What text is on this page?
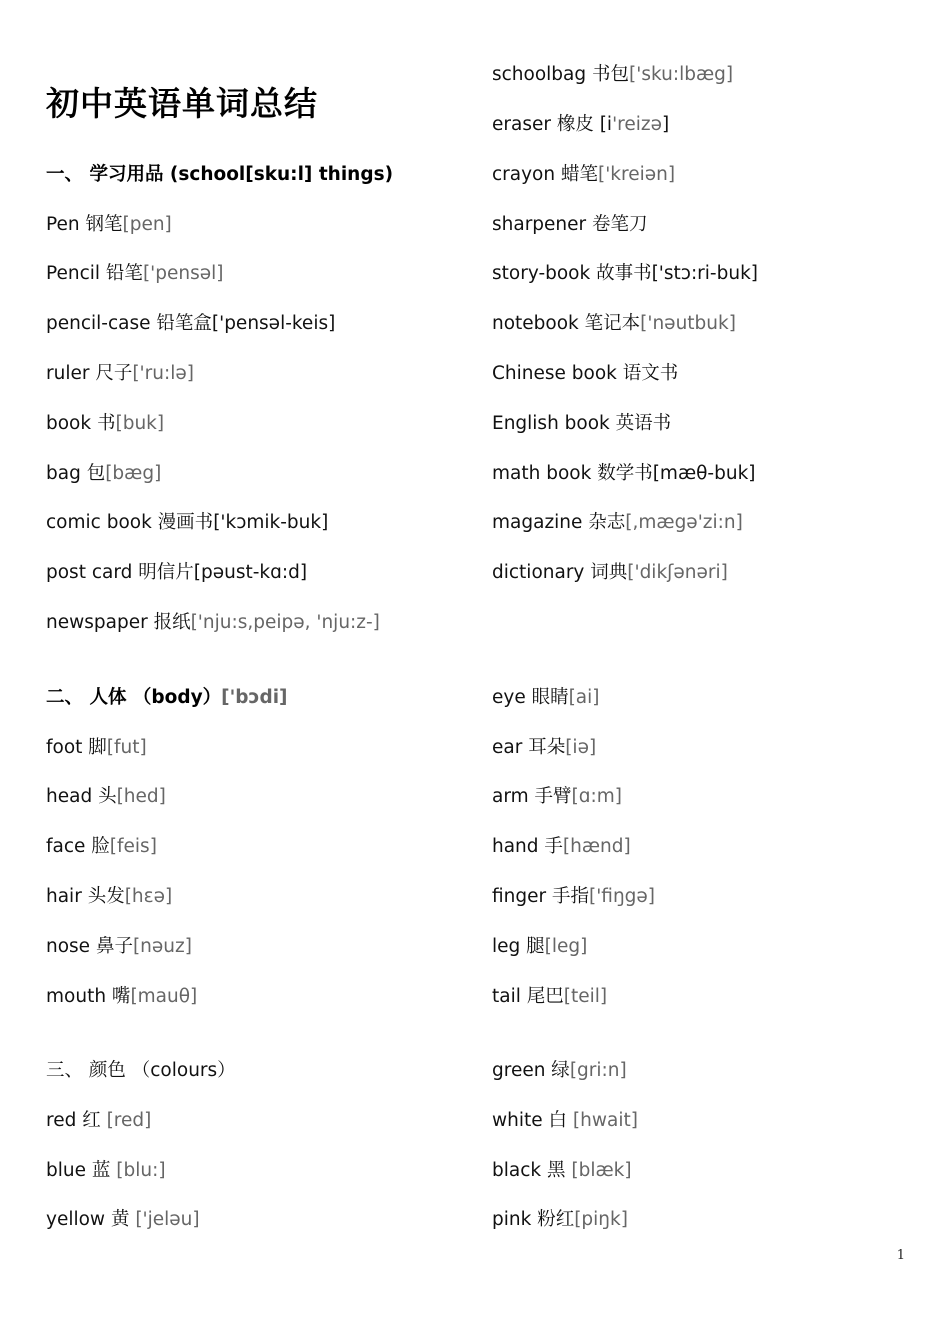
初中英语单词总结
一、 学习用品 (school[sku:l] things)
Pen 钢笔[pen]
Pencil 铅笔['pensəl]
pencil-case 铅笔盒['pensəl-keis]
ruler 尺子['ru:lə]
book 书[buk]
bag 包[bæg]
comic book 漫画书['kɔmik-buk]
post card 明信片[pəust-kɑ:d]
newspaper 报纸['nju:s,peipə, 'nju:z-]
二、 人体 （body）['bɔdi]
foot 脚[fut]
head 头[hed]
face 脸[feis]
hair 头发[hɛə]
nose 鼻子[nəuz]
mouth 嘴[mauθ]
三、 颜色 （colours）
red 红 [red]
blue 蓝 [blu:]
yellow 黄 ['jeləu]
schoolbag 书包['sku:lbæg]
eraser 橡皮 [i'reizə]
crayon 蜡笔['kreiən]
sharpener 卷笔刀
story-book 故事书['stɔ:ri-buk]
notebook 笔记本['nəutbuk]
Chinese book 语文书
English book 英语书
math book 数学书[mæθ-buk]
magazine 杂志[,mægə'zi:n]
dictionary 词典['dikʃənəri]
eye 眼睛[ai]
ear 耳朵[iə]
arm 手臂[ɑ:m]
hand 手[hænd]
finger 手指['fiŋgə]
leg 腿[leg]
tail 尾巴[teil]
green 绿[gri:n]
white 白 [hwait]
black 黑 [blæk]
pink 粉红[piŋk]
1
